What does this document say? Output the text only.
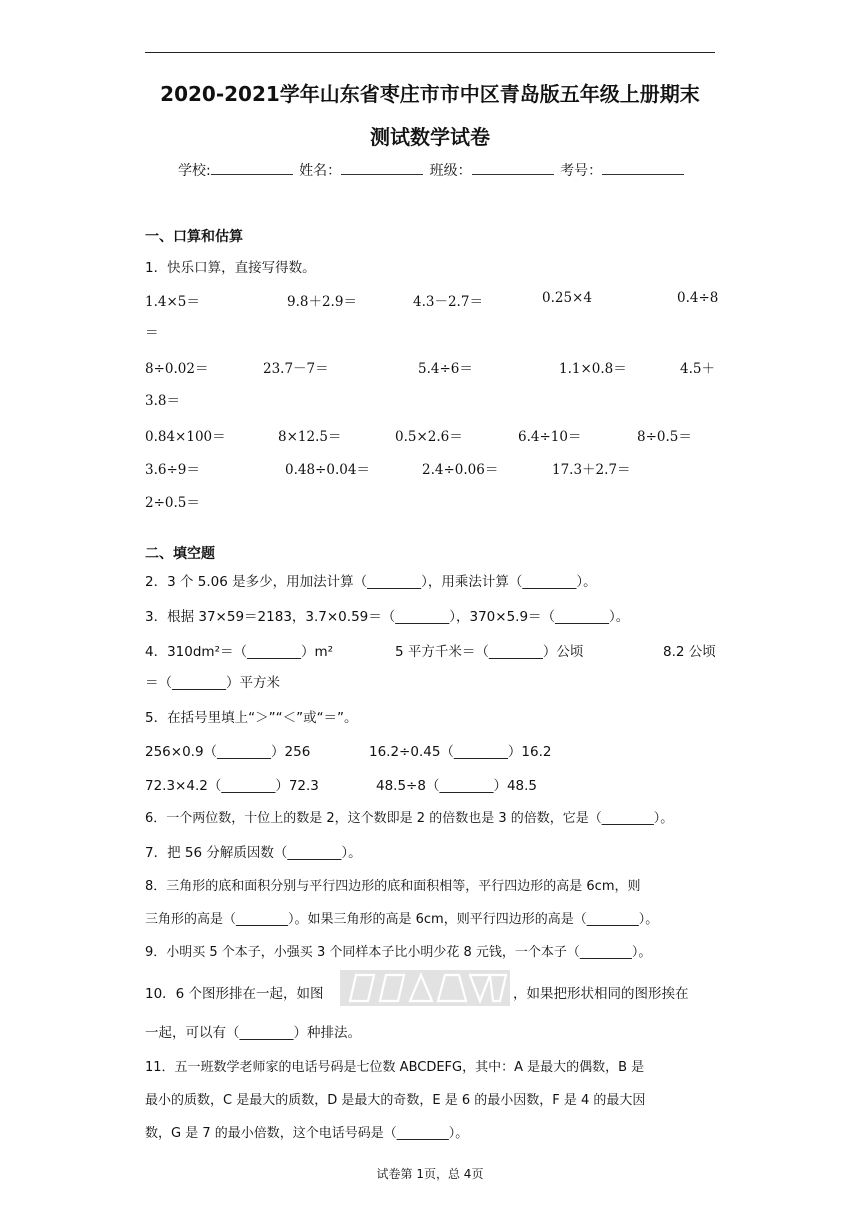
2020-2021学年山东省枣庄市市中区青岛版五年级上册期末
测试数学试卷
学校:	姓名：	班级：	考号：
一、口算和估算
1．快乐口算，直接写得数。
1.4×5＝	9.8＋2.9＝	4.3－2.7＝	0.25×4	0.4÷8
＝
8÷0.02＝	23.7－7＝	5.4÷6＝	1.1×0.8＝	4.5＋
3.8＝
0.84×100＝	8×12.5＝	0.5×2.6＝	6.4÷10＝	8÷0.5＝
3.6÷9＝	0.48÷0.04＝	2.4÷0.06＝	17.3＋2.7＝
2÷0.5＝
二、填空题
2．3 个 5.06 是多少，用加法计算（________），用乘法计算（________）。
3．根据 37×59＝2183，3.7×0.59＝（________），370×5.9＝（________）。
4．310dm²＝（________）m²	5 平方千米＝（________）公顷	8.2 公顷
＝（________）平方米
5．在括号里填上“＞”“＜”或“＝”。
256×0.9（________）256	16.2÷0.45（________）16.2
72.3×4.2（________）72.3	48.5÷8（________）48.5
6．一个两位数，十位上的数是 2，这个数即是 2 的倍数也是 3 的倍数，它是（________）。
7．把 56 分解质因数（________）。
8．三角形的底和面积分别与平行四边形的底和面积相等，平行四边形的高是 6cm，则
三角形的高是（________）。如果三角形的高是 6cm，则平行四边形的高是（________）。
9．小明买 5 个本子，小强买 3 个同样本子比小明少花 8 元钱，一个本子（________）。
10．6 个图形排在一起，如图	，如果把形状相同的图形挨在
一起，可以有（________）种排法。
11．五一班数学老师家的电话号码是七位数 ABCDEFG，其中：A 是最大的偶数，B 是
最小的质数，C 是最大的质数，D 是最大的奇数，E 是 6 的最小因数，F 是 4 的最大因
数，G 是 7 的最小倍数，这个电话号码是（________）。
试卷第 1页，总 4页
